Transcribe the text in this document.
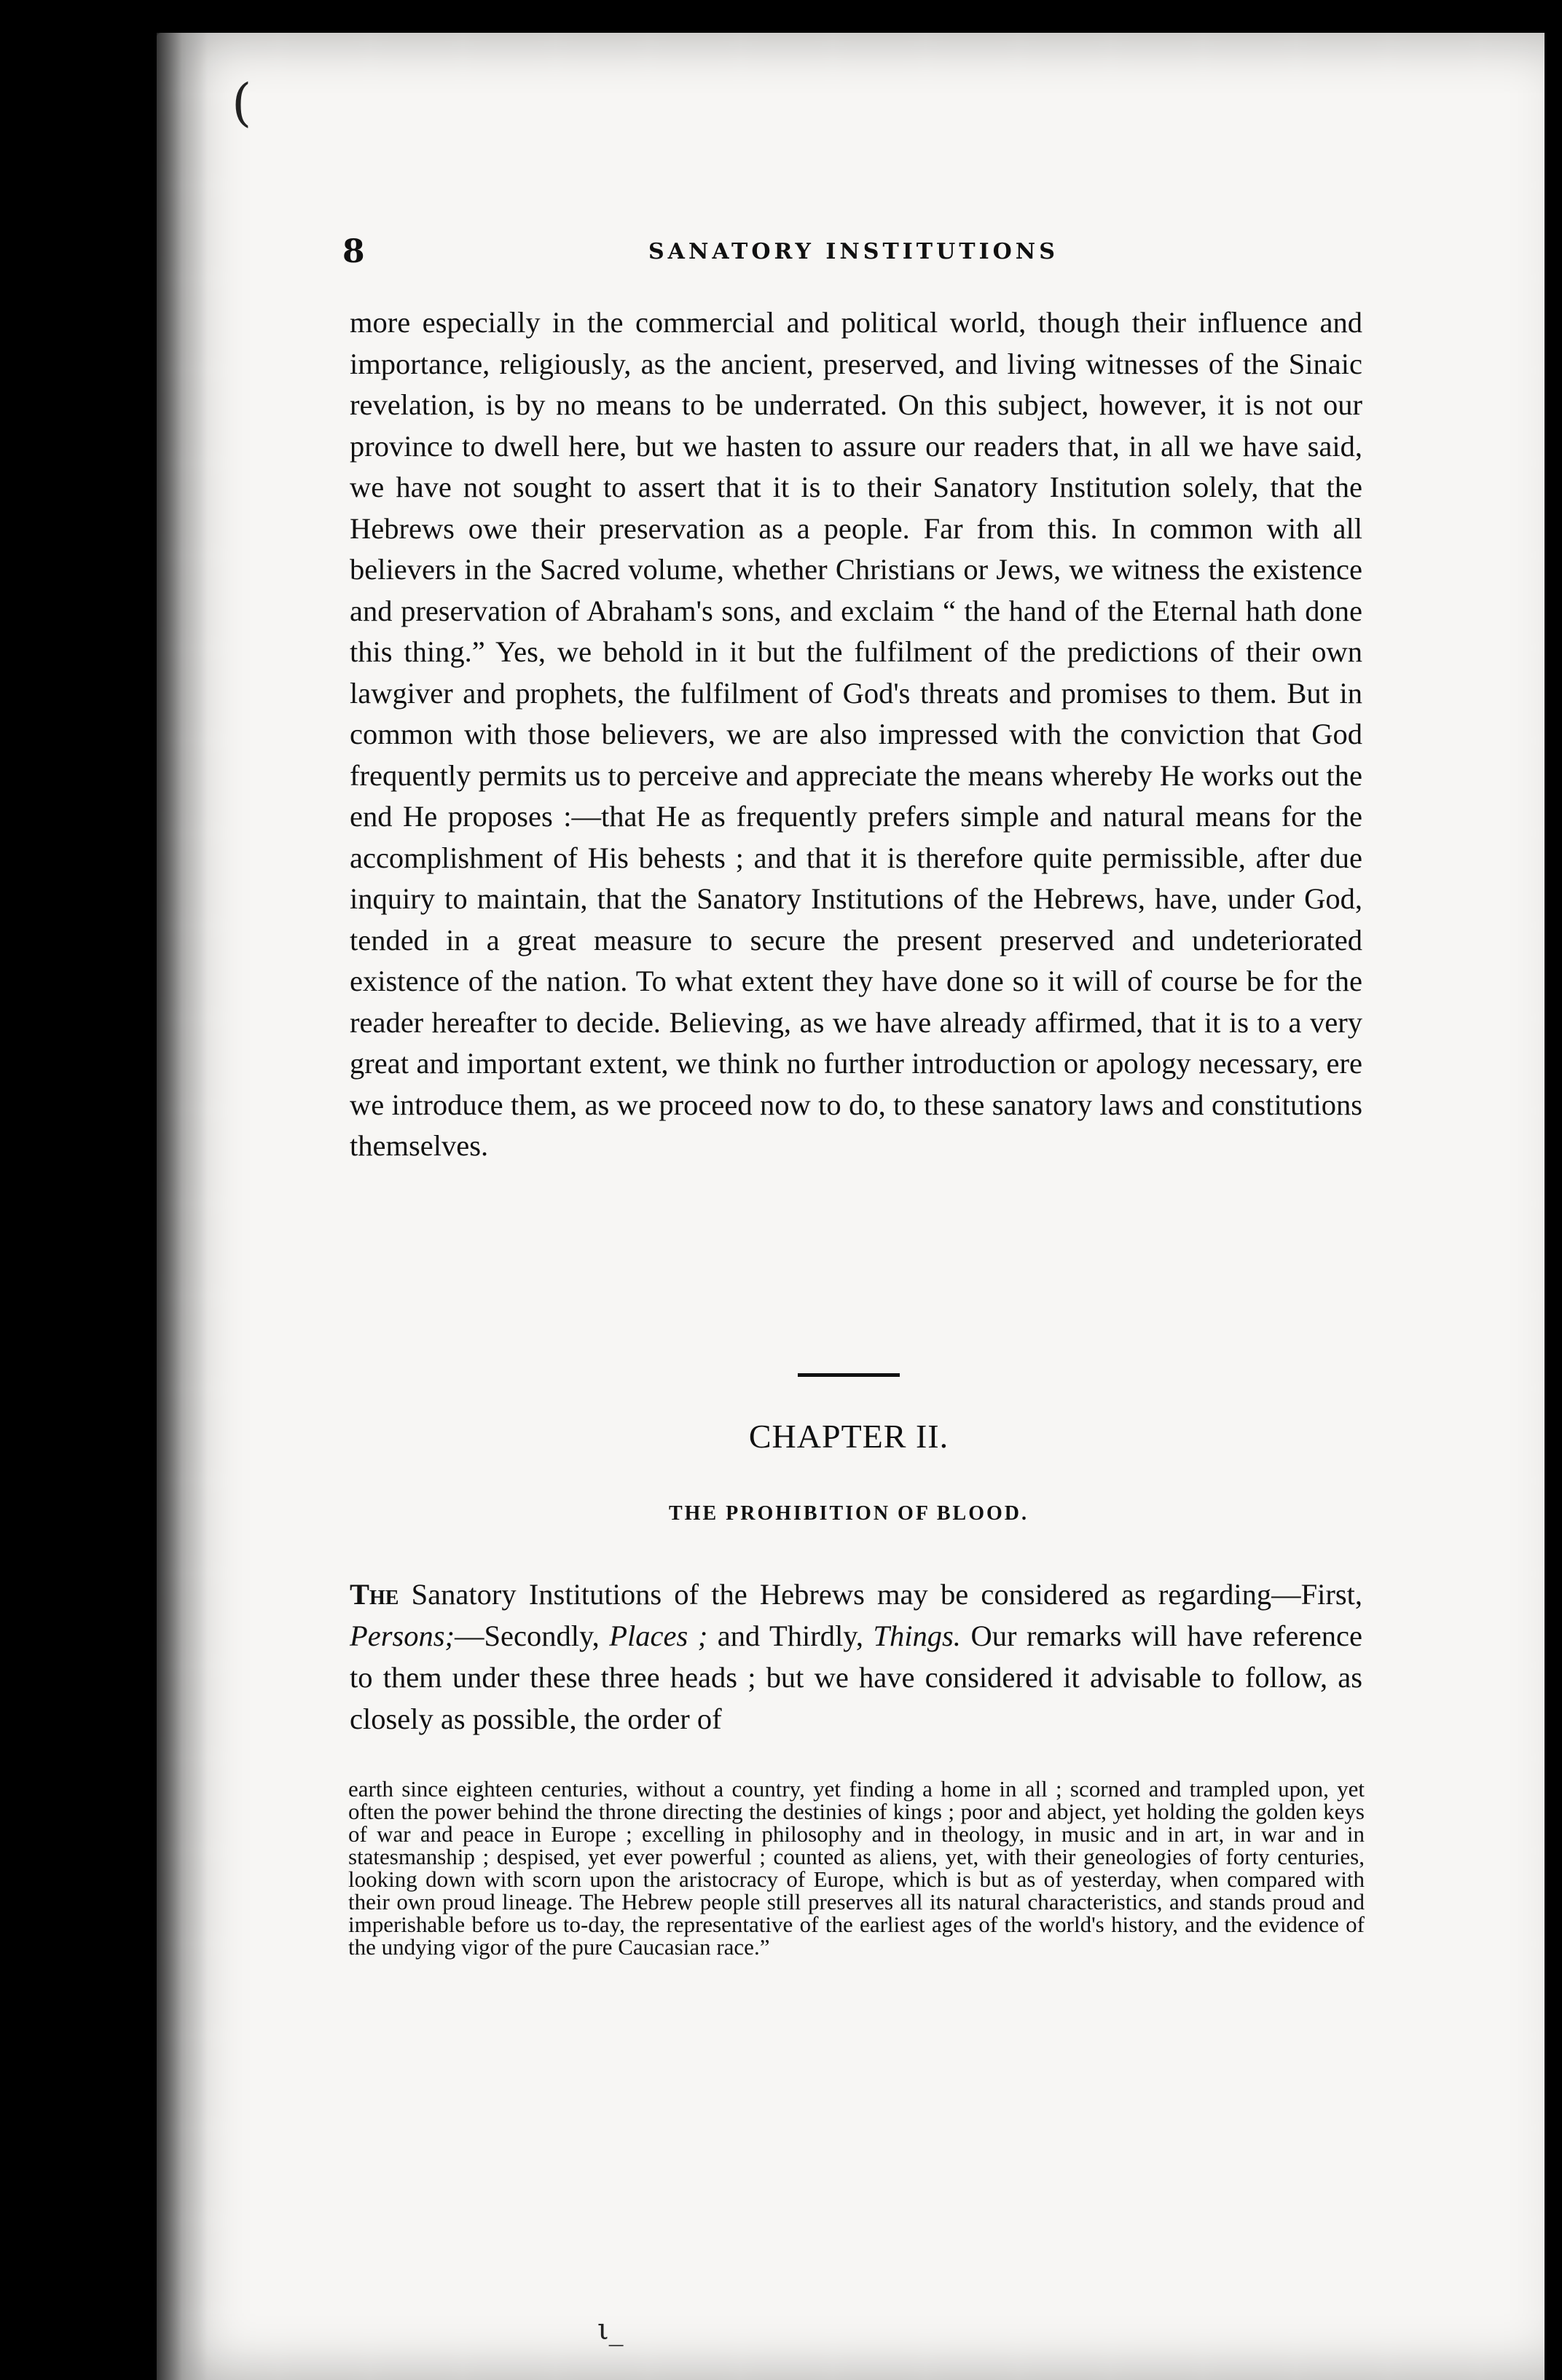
(
ι_
8	SANATORY INSTITUTIONS

more especially in the commercial and political world, though their influence and importance, religiously, as the ancient, preserved, and living witnesses of the Sinaic revelation, is by no means to be underrated. On this subject, however, it is not our province to dwell here, but we hasten to assure our readers that, in all we have said, we have not sought to assert that it is to their Sanatory Institution solely, that the Hebrews owe their preservation as a people. Far from this. In common with all believers in the Sacred volume, whether Christians or Jews, we witness the existence and preservation of Abraham's sons, and exclaim “ the hand of the Eternal hath done this thing.” Yes, we behold in it but the fulfilment of the predictions of their own lawgiver and prophets, the fulfilment of God's threats and promises to them. But in common with those believers, we are also impressed with the conviction that God frequently permits us to perceive and appreciate the means whereby He works out the end He proposes :—that He as frequently prefers simple and natural means for the accomplishment of His behests ; and that it is therefore quite permissible, after due inquiry to maintain, that the Sanatory Institutions of the Hebrews, have, under God, tended in a great measure to secure the present preserved and undeteriorated existence of the nation. To what extent they have done so it will of course be for the reader hereafter to decide. Believing, as we have already affirmed, that it is to a very great and important extent, we think no further introduction or apology necessary, ere we introduce them, as we proceed now to do, to these sanatory laws and constitutions themselves.

CHAPTER II.
THE PROHIBITION OF BLOOD.

The Sanatory Institutions of the Hebrews may be considered as regarding—First, Persons;—Secondly, Places ; and Thirdly, Things. Our remarks will have reference to them under these three heads ; but we have considered it advisable to follow, as closely as possible, the order of

earth since eighteen centuries, without a country, yet finding a home in all ; scorned and trampled upon, yet often the power behind the throne directing the destinies of kings ; poor and abject, yet holding the golden keys of war and peace in Europe ; excelling in philosophy and in theology, in music and in art, in war and in statesmanship ; despised, yet ever powerful ; counted as aliens, yet, with their geneologies of forty centuries, looking down with scorn upon the aristocracy of Europe, which is but as of yesterday, when compared with their own proud lineage. The Hebrew people still preserves all its natural characteristics, and stands proud and imperishable before us to-day, the representative of the earliest ages of the world's history, and the evidence of the undying vigor of the pure Caucasian race.”
